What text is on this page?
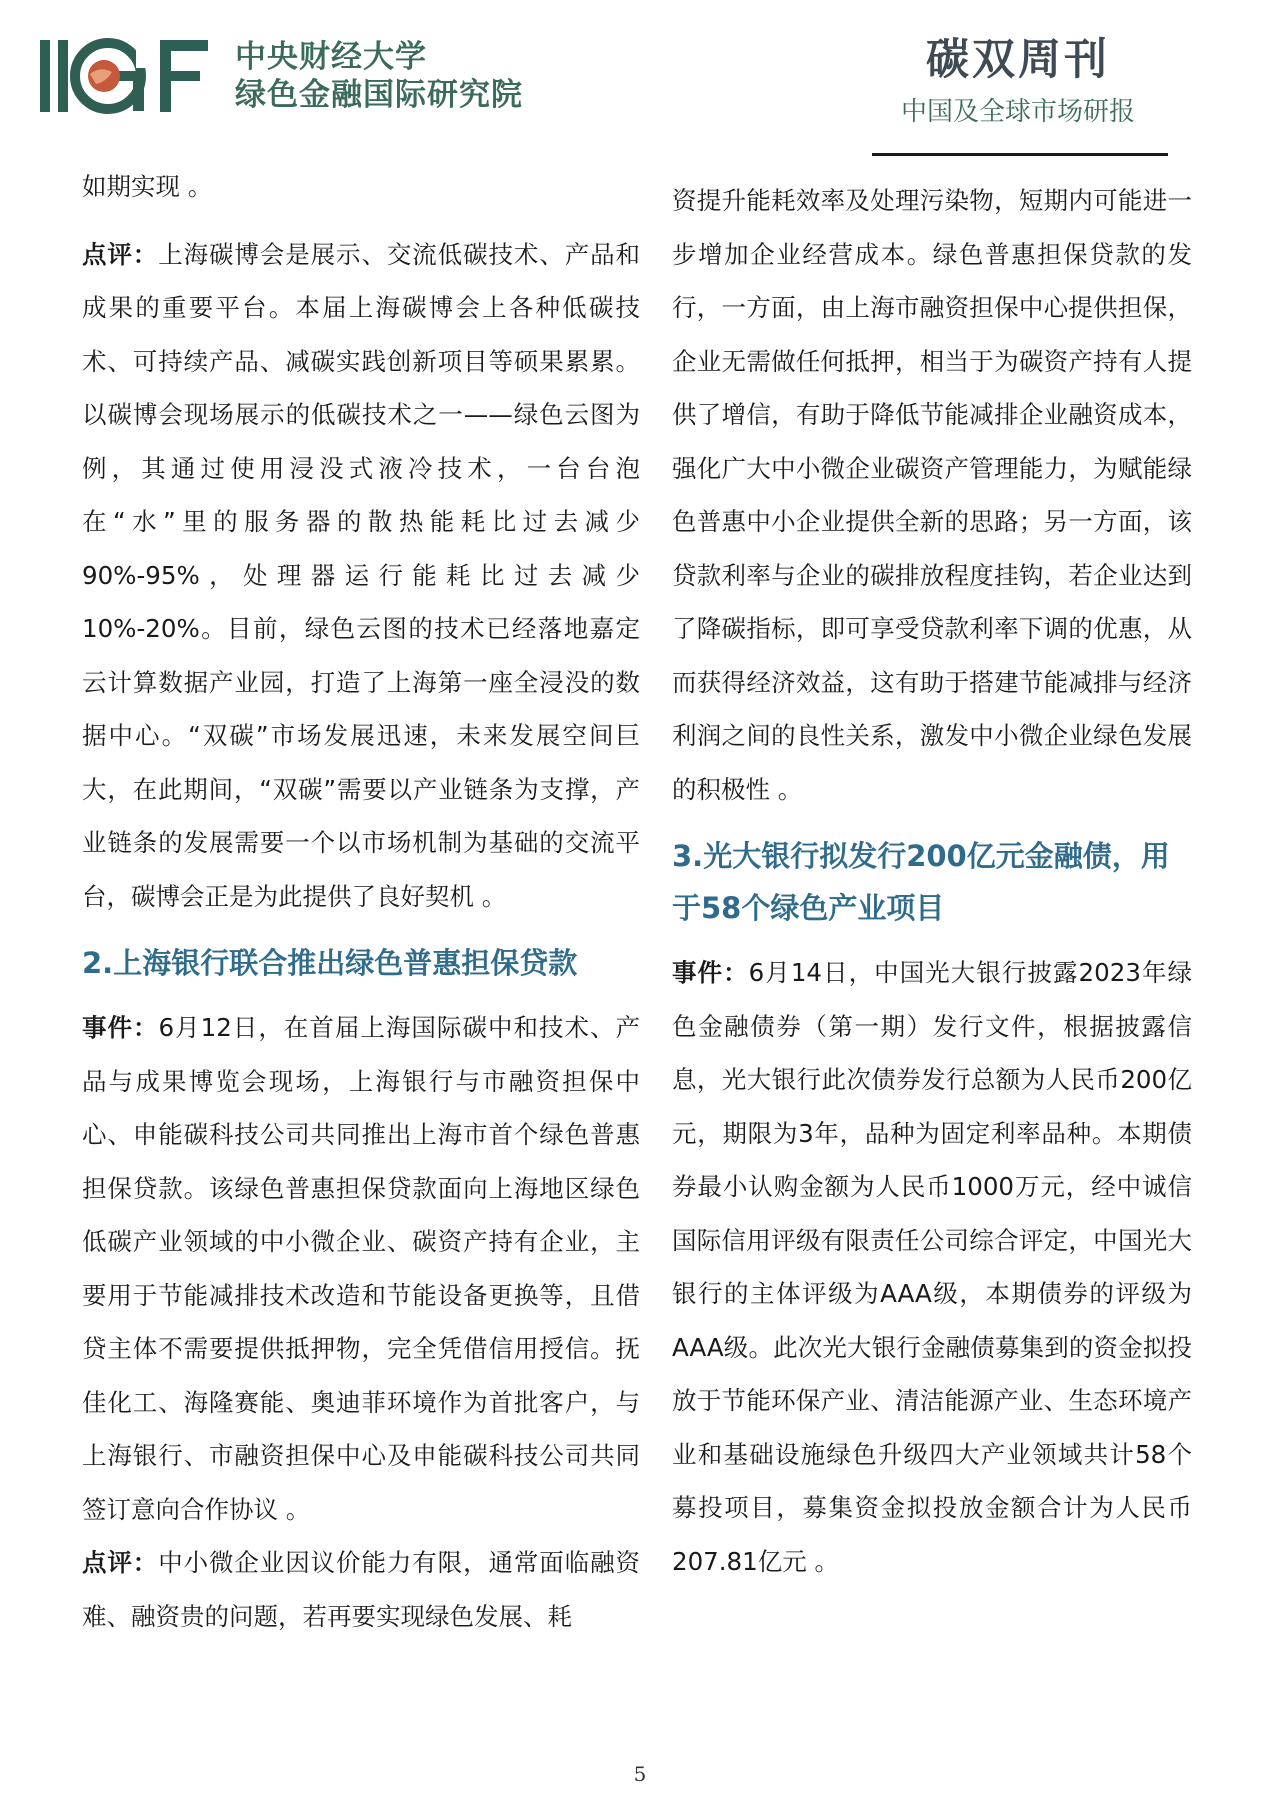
中央财经大学
绿色金融国际研究院
碳双周刊
中国及全球市场研报

如期实现 。

点评：上海碳博会是展示、交流低碳技术、产品和成果的重要平台。本届上海碳博会上各种低碳技术、可持续产品、减碳实践创新项目等硕果累累。以碳博会现场展示的低碳技术之一——绿色云图为例，其通过使用浸没式液冷技术，一台台泡在“水”里的服务器的散热能耗比过去减少90%-95%，处理器运行能耗比过去减少10%-20%。目前，绿色云图的技术已经落地嘉定云计算数据产业园，打造了上海第一座全浸没的数据中心。“双碳”市场发展迅速，未来发展空间巨大，在此期间，“双碳”需要以产业链条为支撑，产业链条的发展需要一个以市场机制为基础的交流平台，碳博会正是为此提供了良好契机 。

2.上海银行联合推出绿色普惠担保贷款

事件：6月12日，在首届上海国际碳中和技术、产品与成果博览会现场，上海银行与市融资担保中心、申能碳科技公司共同推出上海市首个绿色普惠担保贷款。该绿色普惠担保贷款面向上海地区绿色低碳产业领域的中小微企业、碳资产持有企业，主要用于节能减排技术改造和节能设备更换等，且借贷主体不需要提供抵押物，完全凭借信用授信。抚佳化工、海隆赛能、奥迪菲环境作为首批客户，与上海银行、市融资担保中心及申能碳科技公司共同签订意向合作协议 。

点评：中小微企业因议价能力有限，通常面临融资难、融资贵的问题，若再要实现绿色发展、耗

资提升能耗效率及处理污染物，短期内可能进一步增加企业经营成本。绿色普惠担保贷款的发行，一方面，由上海市融资担保中心提供担保，企业无需做任何抵押，相当于为碳资产持有人提供了增信，有助于降低节能减排企业融资成本，强化广大中小微企业碳资产管理能力，为赋能绿色普惠中小企业提供全新的思路；另一方面，该贷款利率与企业的碳排放程度挂钩，若企业达到了降碳指标，即可享受贷款利率下调的优惠，从而获得经济效益，这有助于搭建节能减排与经济利润之间的良性关系，激发中小微企业绿色发展的积极性 。

3.光大银行拟发行200亿元金融债，用于58个绿色产业项目

事件：6月14日，中国光大银行披露2023年绿色金融债券（第一期）发行文件，根据披露信息，光大银行此次债券发行总额为人民币200亿元，期限为3年，品种为固定利率品种。本期债券最小认购金额为人民币1000万元，经中诚信国际信用评级有限责任公司综合评定，中国光大银行的主体评级为AAA级，本期债券的评级为AAA级。此次光大银行金融债募集到的资金拟投放于节能环保产业、清洁能源产业、生态环境产业和基础设施绿色升级四大产业领域共计58个募投项目，募集资金拟投放金额合计为人民币207.81亿元 。

5
